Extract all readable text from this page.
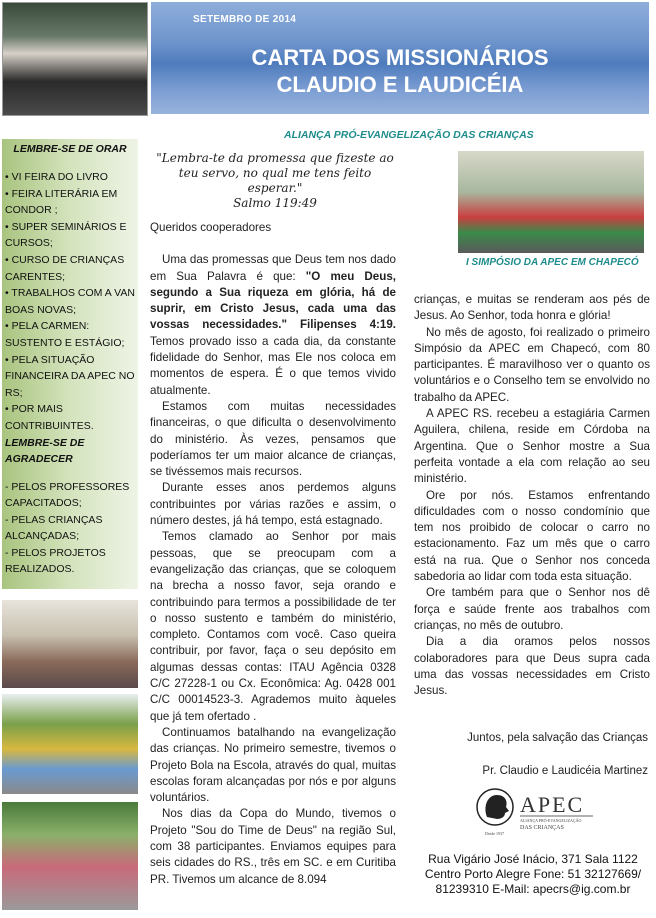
SETEMBRO DE 2014
CARTA DOS MISSIONÁRIOS
CLAUDIO E LAUDICÉIA
LEMBRE-SE DE ORAR
• VI FEIRA DO LIVRO
• FEIRA LITERÁRIA EM CONDOR ;
• SUPER SEMINÁRIOS E CURSOS;
• CURSO DE CRIANÇAS CARENTES;
• TRABALHOS COM A VAN BOAS NOVAS;
• PELA CARMEN: SUSTENTO E ESTÁGIO;
• PELA SITUAÇÃO FINANCEIRA DA APEC NO RS;
• POR MAIS CONTRIBUINTES.
LEMBRE-SE DE AGRADECER
- PELOS PROFESSORES CAPACITADOS;
- PELAS CRIANÇAS ALCANÇADAS;
- PELOS PROJETOS REALIZADOS.
ALIANÇA PRÓ-EVANGELIZAÇÃO DAS CRIANÇAS
"Lembra-te da promessa que fizeste ao teu servo, no qual me tens feito esperar."
Salmo 119:49

Queridos cooperadores

Uma das promessas que Deus tem nos dado em Sua Palavra é que: "O meu Deus, segundo a Sua riqueza em glória, há de suprir, em Cristo Jesus, cada uma das vossas necessidades." Filipenses 4:19. Temos provado isso a cada dia, da constante fidelidade do Senhor, mas Ele nos coloca em momentos de espera. É o que temos vivido atualmente.

Estamos com muitas necessidades financeiras, o que dificulta o desenvolvimento do ministério. Às vezes, pensamos que poderíamos ter um maior alcance de crianças, se tivéssemos mais recursos.

Durante esses anos perdemos alguns contribuintes por várias razões e assim, o número destes, já há tempo, está estagnado.

Temos clamado ao Senhor por mais pessoas, que se preocupam com a evangelização das crianças, que se coloquem na brecha a nosso favor, seja orando e contribuindo para termos a possibilidade de ter o nosso sustento e também do ministério, completo. Contamos com você. Caso queira contribuir, por favor, faça o seu depósito em algumas dessas contas: ITAU Agência 0328 C/C 27228-1 ou Cx. Econômica: Ag. 0428 001 C/C 00014523-3. Agrademos muito àqueles que já tem ofertado .

Continuamos batalhando na evangelização das crianças. No primeiro semestre, tivemos o Projeto Bola na Escola, através do qual, muitas escolas foram alcançadas por nós e por alguns voluntários.

Nos dias da Copa do Mundo, tivemos o Projeto "Sou do Time de Deus" na região Sul, com 38 participantes. Enviamos equipes para seis cidades do RS., três em SC. e em Curitiba PR. Tivemos um alcance de 8.094

I SIMPÓSIO DA APEC EM CHAPECÓ

crianças, e muitas se renderam aos pés de Jesus. Ao Senhor, toda honra e glória!

No mês de agosto, foi realizado o primeiro Simpósio da APEC em Chapecó, com 80 participantes. É maravilhoso ver o quanto os voluntários e o Conselho tem se envolvido no trabalho da APEC.

A APEC RS. recebeu a estagiária Carmen Aguilera, chilena, reside em Córdoba na Argentina. Que o Senhor mostre a Sua perfeita vontade a ela com relação ao seu ministério.

Ore por nós. Estamos enfrentando dificuldades com o nosso condomínio que tem nos proibido de colocar o carro no estacionamento. Faz um mês que o carro está na rua. Que o Senhor nos conceda sabedoria ao lidar com toda esta situação.

Ore também para que o Senhor nos dê força e saúde frente aos trabalhos com crianças, no mês de outubro.

Dia a dia oramos pelos nossos colaboradores para que Deus supra cada uma das vossas necessidades em Cristo Jesus.

Juntos, pela salvação das Crianças
Pr. Claudio e Laudicéia Martinez
APEC
ALIANÇA PRÓ-EVANGELIZAÇÃO
DAS CRIANÇAS
Desde 1937
Rua Vigário José Inácio, 371 Sala 1122
Centro Porto Alegre Fone: 51 32127669/
81239310 E-Mail: apecrs@ig.com.br
